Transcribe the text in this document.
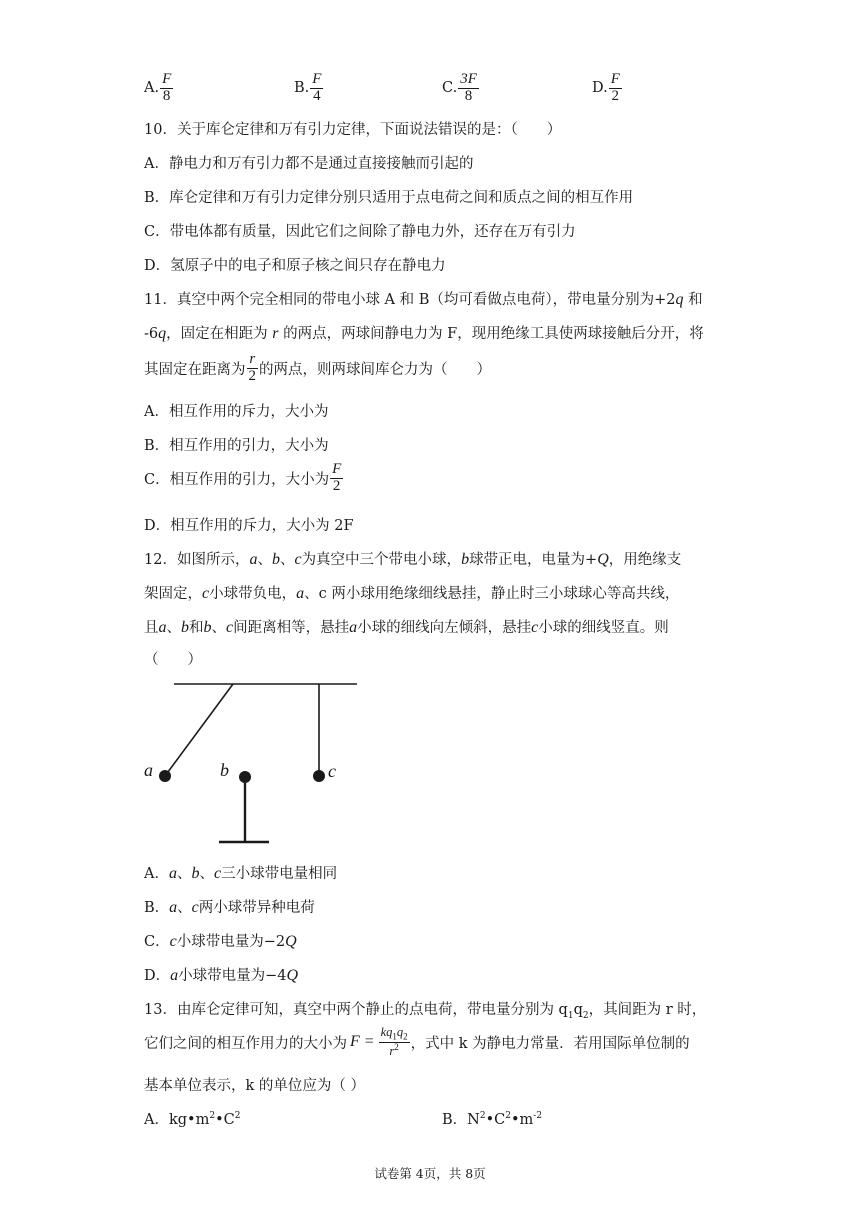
A. $\frac{F}{8}$	B. $\frac{F}{4}$	C. $\frac{3F}{8}$	D. $\frac{F}{2}$
10．关于库仑定律和万有引力定律，下面说法错误的是：（　　）
A．静电力和万有引力都不是通过直接接触而引起的
B．库仑定律和万有引力定律分别只适用于点电荷之间和质点之间的相互作用
C．带电体都有质量，因此它们之间除了静电力外，还存在万有引力
D．氢原子中的电子和原子核之间只存在静电力
11．真空中两个完全相同的带电小球 A 和 B（均可看做点电荷），带电量分别为+2q 和
-6q，固定在相距为 r 的两点，两球间静电力为 F，现用绝缘工具使两球接触后分开，将
其固定在距离为 $\frac{r}{2}$ 的两点，则两球间库仑力为（　　）
A．相互作用的斥力，大小为
B．相互作用的引力，大小为
C．相互作用的引力，大小为 $\frac{F}{2}$
D．相互作用的斥力，大小为 2F
12．如图所示，a、b、c为真空中三个带电小球，b球带正电，电量为+Q，用绝缘支
架固定，c小球带负电，a、c 两小球用绝缘细线悬挂，静止时三小球球心等高共线，
且a、b和b、c间距离相等，悬挂a小球的细线向左倾斜，悬挂c小球的细线竖直。则
（　　）
a	b	c
A．a、b、c三小球带电量相同
B．a、c两小球带异种电荷
C．c小球带电量为−2Q
D．a小球带电量为−4Q
13．由库仑定律可知，真空中两个静止的点电荷，带电量分别为 $q_1q_2$，其间距为 r 时，
它们之间的相互作用力的大小为 $F = \frac{kq_1q_2}{r^2}$ ，式中 k 为静电力常量．若用国际单位制的
基本单位表示，k 的单位应为（ ）
A．$kg•m^2•C^2$	B．$N^2•C^2•m^{-2}$
试卷第 4页，共 8页
